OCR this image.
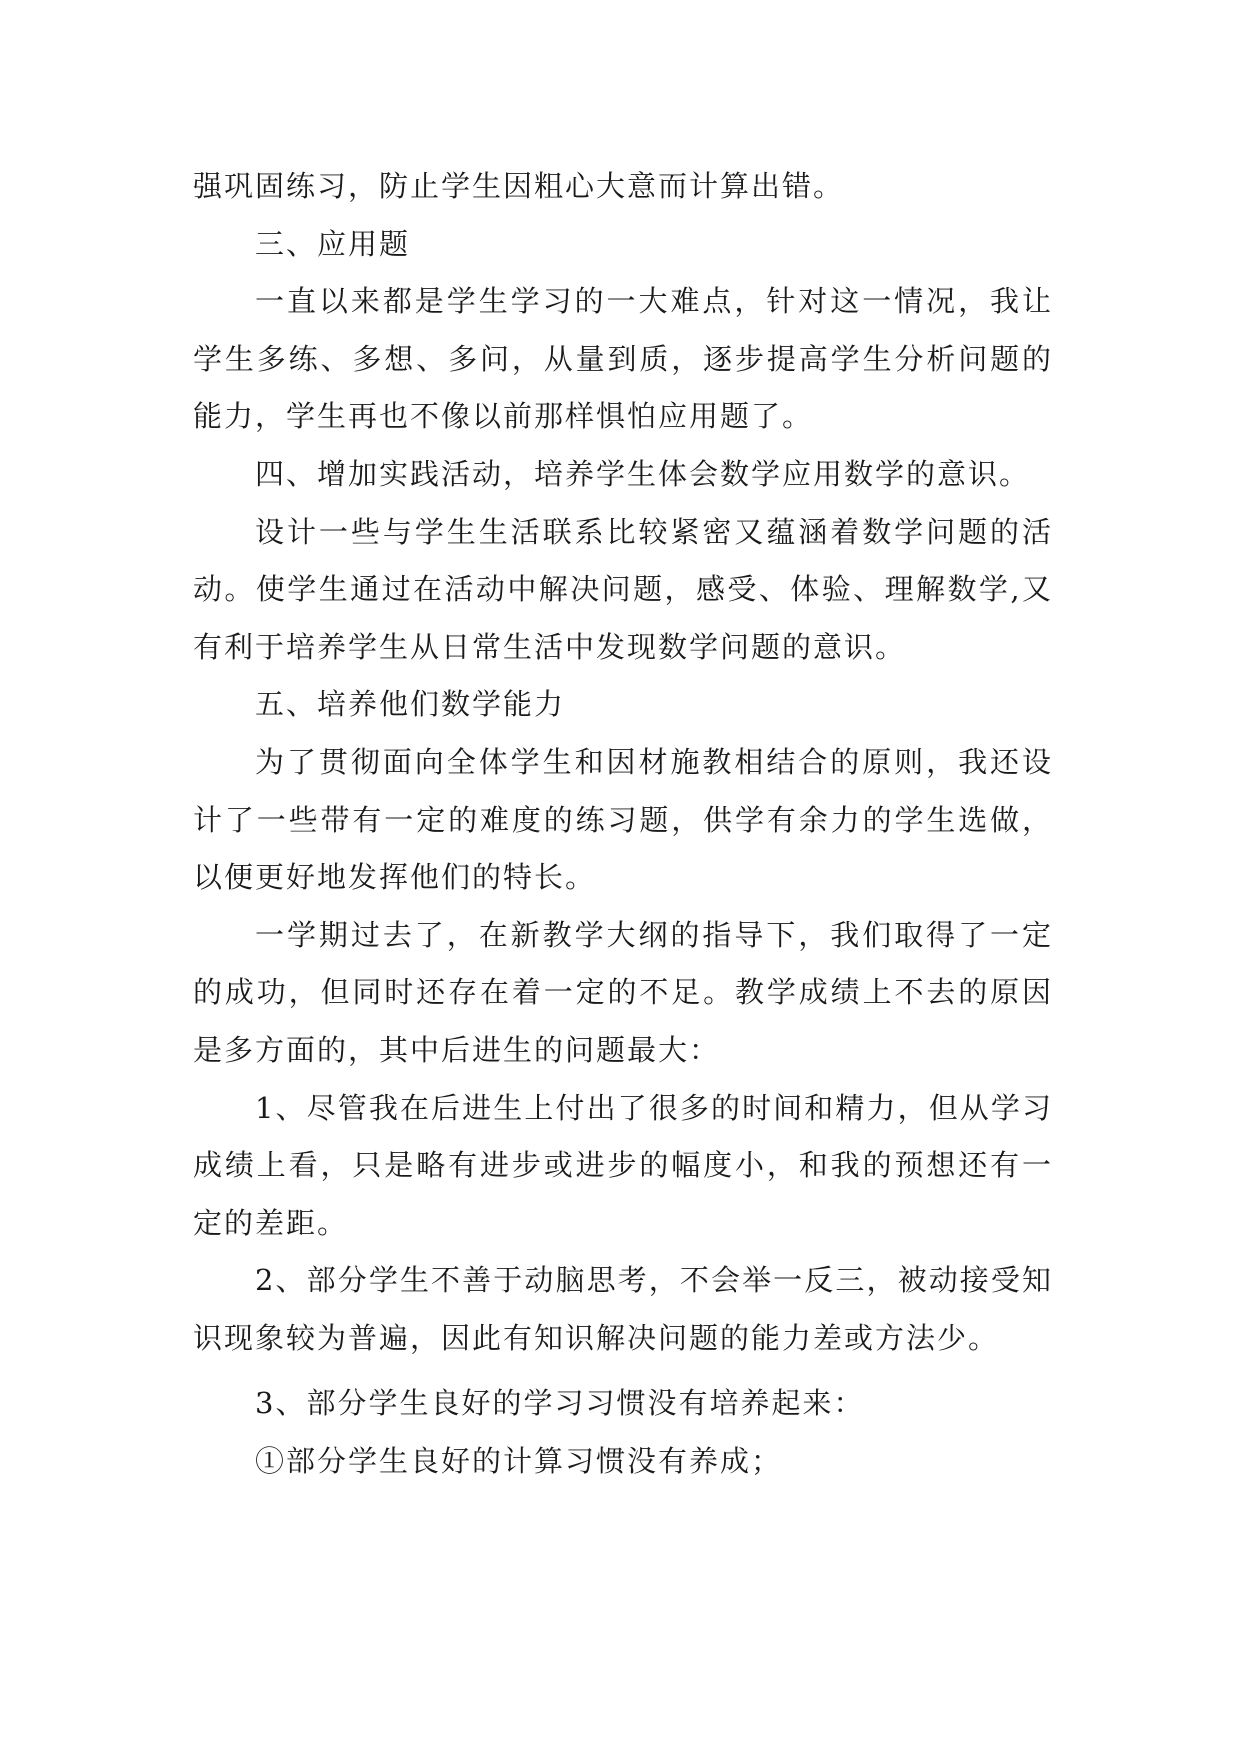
强巩固练习，防止学生因粗心大意而计算出错。

三、应用题

一直以来都是学生学习的一大难点，针对这一情况，我让学生多练、多想、多问，从量到质，逐步提高学生分析问题的能力，学生再也不像以前那样惧怕应用题了。

四、增加实践活动，培养学生体会数学应用数学的意识。

设计一些与学生生活联系比较紧密又蕴涵着数学问题的活动。使学生通过在活动中解决问题，感受、体验、理解数学,又有利于培养学生从日常生活中发现数学问题的意识。

五、培养他们数学能力

为了贯彻面向全体学生和因材施教相结合的原则，我还设计了一些带有一定的难度的练习题，供学有余力的学生选做，以便更好地发挥他们的特长。

一学期过去了，在新教学大纲的指导下，我们取得了一定的成功，但同时还存在着一定的不足。教学成绩上不去的原因是多方面的，其中后进生的问题最大：

1、尽管我在后进生上付出了很多的时间和精力，但从学习成绩上看，只是略有进步或进步的幅度小，和我的预想还有一定的差距。

2、部分学生不善于动脑思考，不会举一反三，被动接受知识现象较为普遍，因此有知识解决问题的能力差或方法少。

3、部分学生良好的学习习惯没有培养起来：

①部分学生良好的计算习惯没有养成；
